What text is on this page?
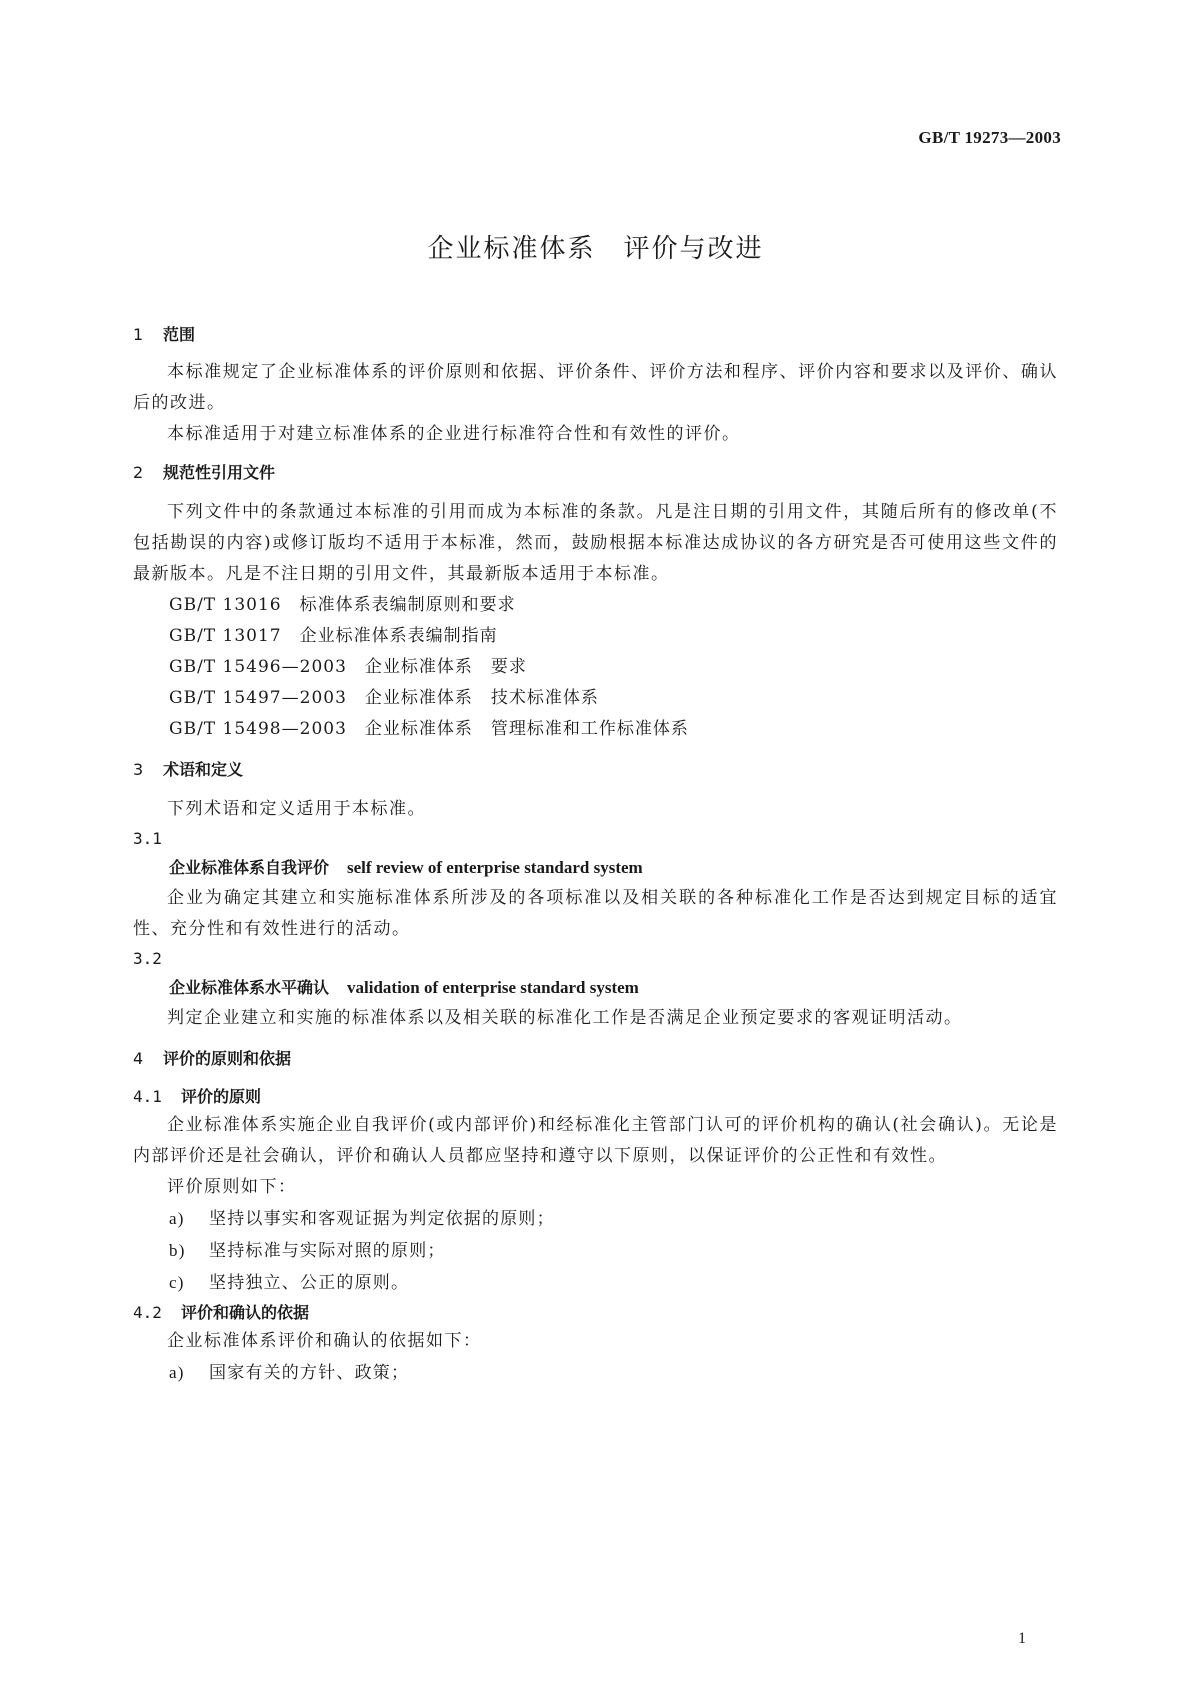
GB/T 19273—2003
企业标准体系　评价与改进
1 范围

本标准规定了企业标准体系的评价原则和依据、评价条件、评价方法和程序、评价内容和要求以及评价、确认后的改进。

本标准适用于对建立标准体系的企业进行标准符合性和有效性的评价。

2 规范性引用文件

下列文件中的条款通过本标准的引用而成为本标准的条款。凡是注日期的引用文件，其随后所有的修改单(不包括勘误的内容)或修订版均不适用于本标准，然而，鼓励根据本标准达成协议的各方研究是否可使用这些文件的最新版本。凡是不注日期的引用文件，其最新版本适用于本标准。

GB/T 13016　标准体系表编制原则和要求

GB/T 13017　企业标准体系表编制指南

GB/T 15496—2003　企业标准体系　要求

GB/T 15497—2003　企业标准体系　技术标准体系

GB/T 15498—2003　企业标准体系　管理标准和工作标准体系

3 术语和定义

下列术语和定义适用于本标准。

3.1

企业标准体系自我评价 self review of enterprise standard system

企业为确定其建立和实施标准体系所涉及的各项标准以及相关联的各种标准化工作是否达到规定目标的适宜性、充分性和有效性进行的活动。

3.2

企业标准体系水平确认 validation of enterprise standard system

判定企业建立和实施的标准体系以及相关联的标准化工作是否满足企业预定要求的客观证明活动。

4 评价的原则和依据
4.1 评价的原则

企业标准体系实施企业自我评价(或内部评价)和经标准化主管部门认可的评价机构的确认(社会确认)。无论是内部评价还是社会确认，评价和确认人员都应坚持和遵守以下原则，以保证评价的公正性和有效性。

评价原则如下：

a) 坚持以事实和客观证据为判定依据的原则；

b) 坚持标准与实际对照的原则；

c) 坚持独立、公正的原则。

4.2 评价和确认的依据

企业标准体系评价和确认的依据如下：

a) 国家有关的方针、政策；

1
